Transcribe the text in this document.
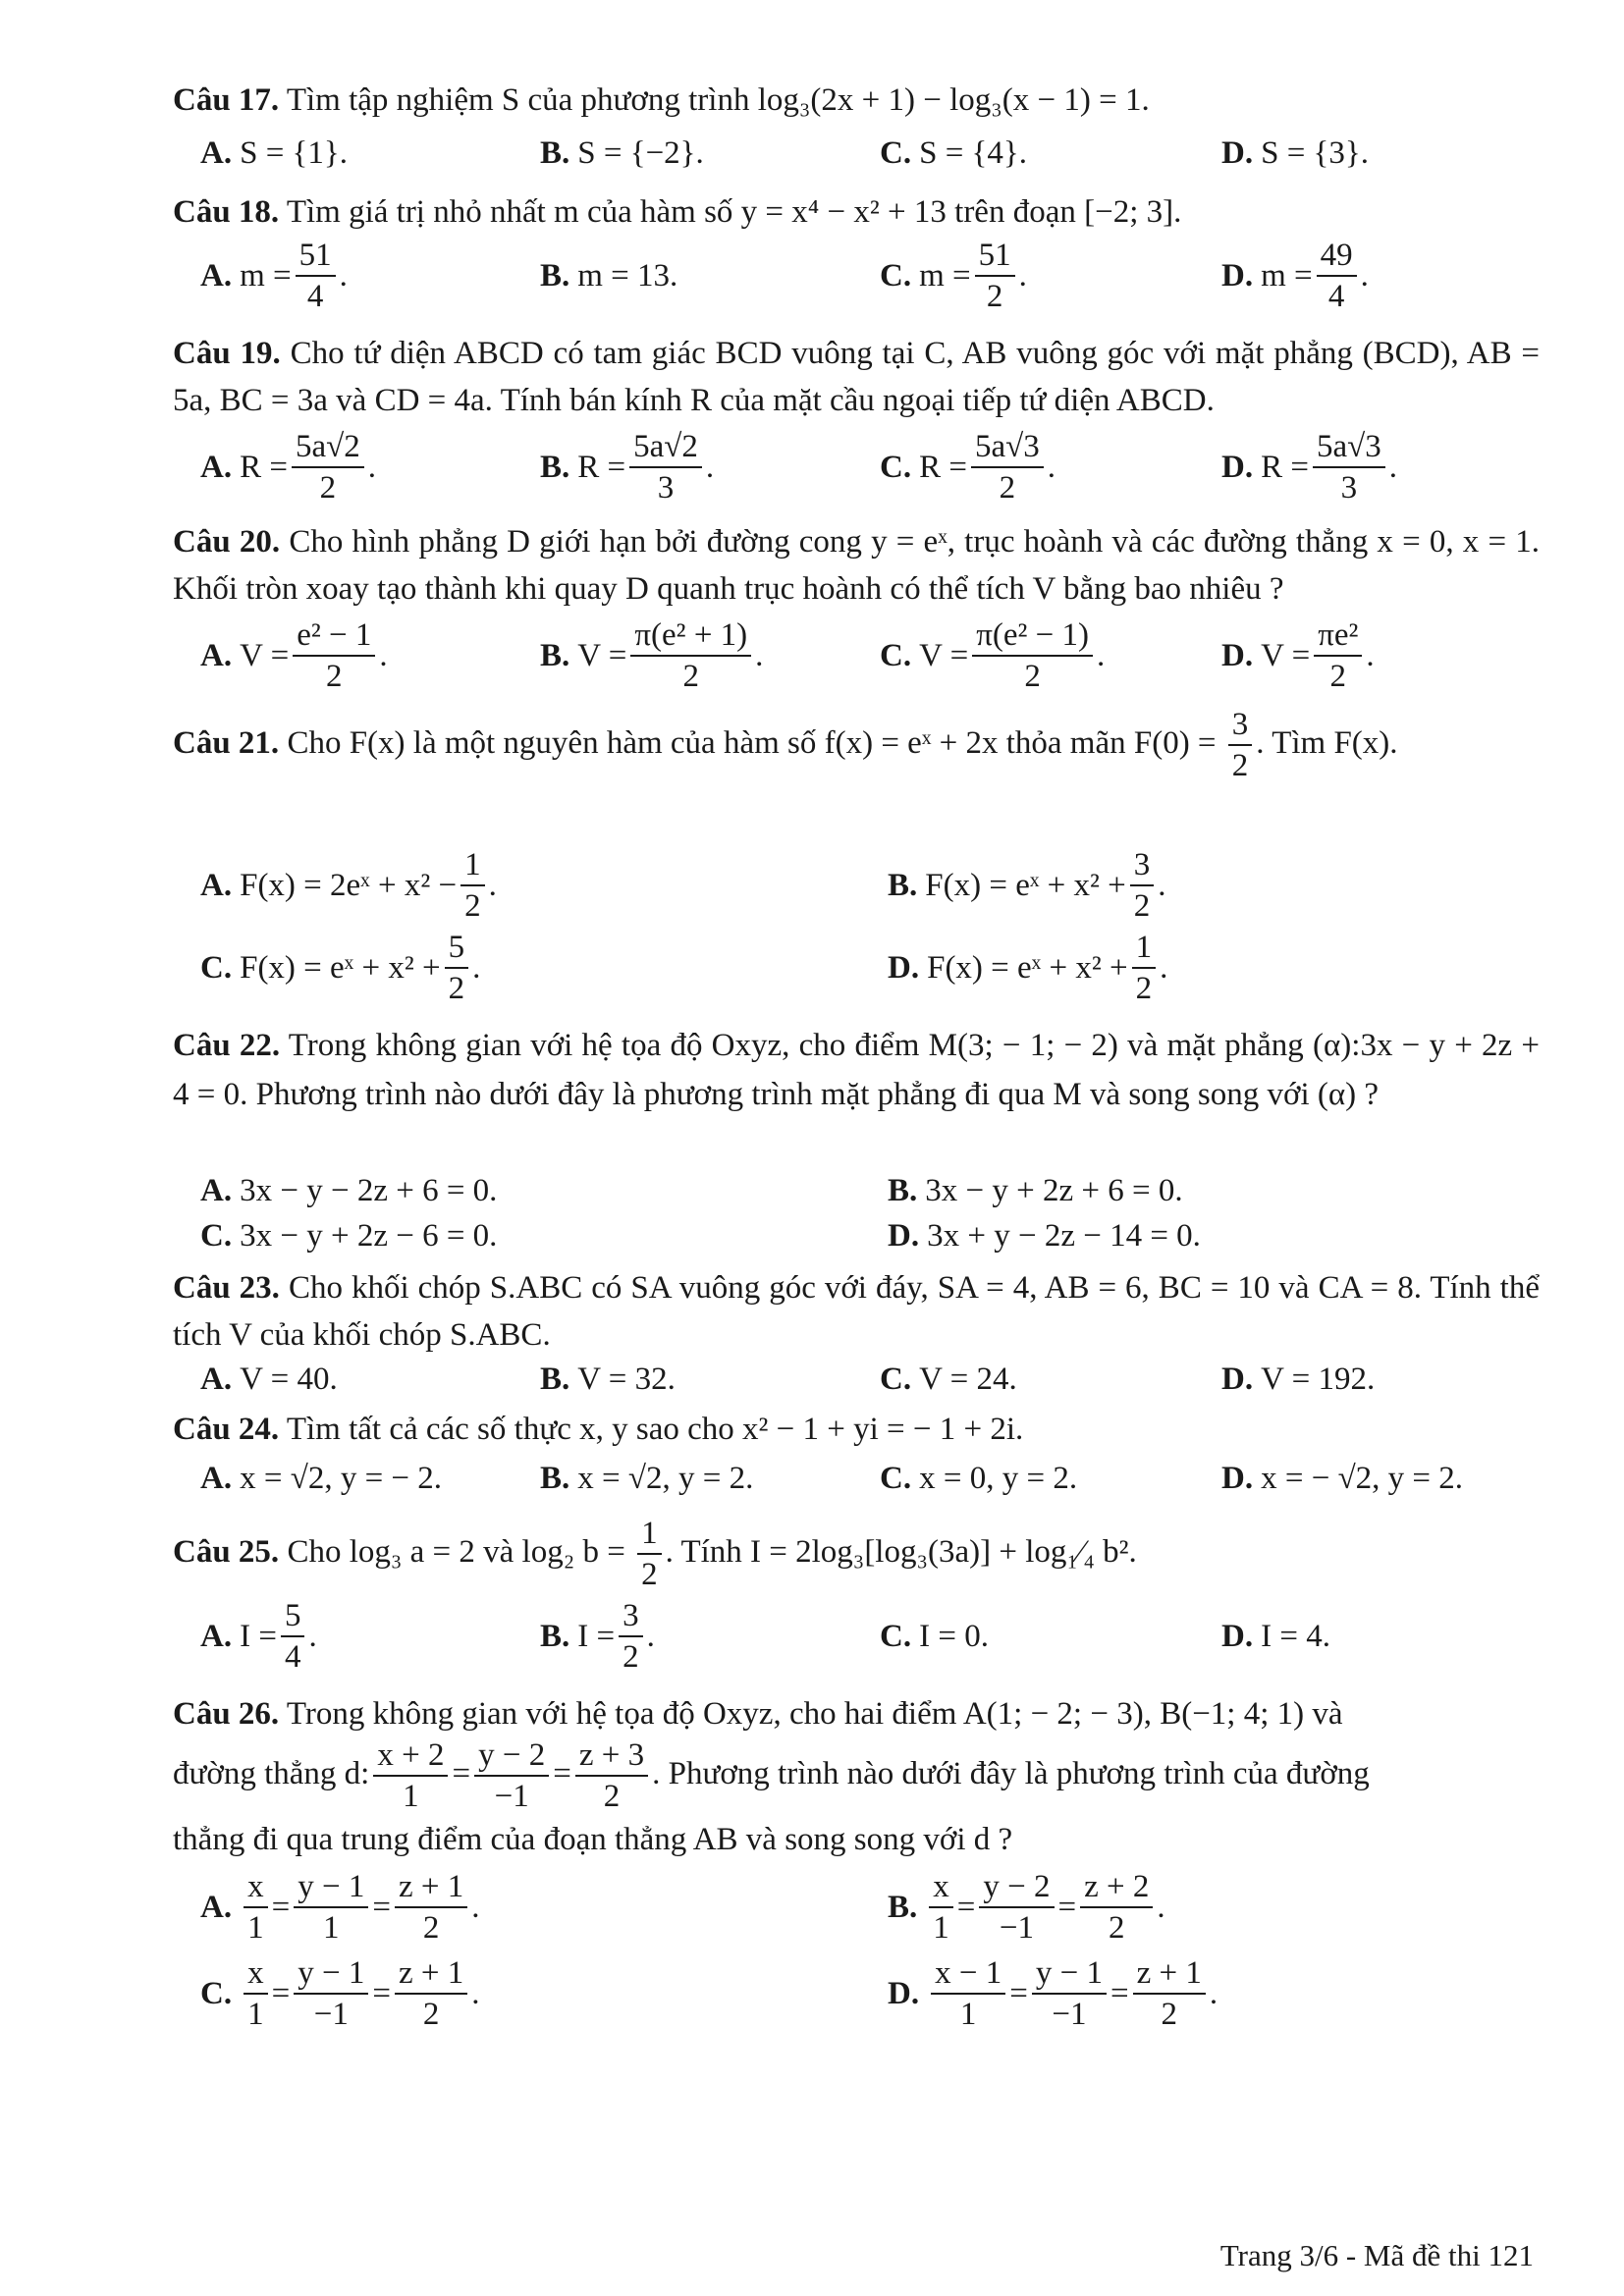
Câu 17. Tìm tập nghiệm S của phương trình log₃(2x + 1) − log₃(x − 1) = 1.
A. S = {1}.	B. S = {−2}.	C. S = {4}.	D. S = {3}.
Câu 18. Tìm giá trị nhỏ nhất m của hàm số y = x⁴ − x² + 13 trên đoạn [−2; 3].
A. $m = \frac{51}{4}$ .	B. m = 13.	C. $m = \frac{51}{2}$ .	D. $m = \frac{49}{4}$ .
Câu 19. Cho tứ diện ABCD có tam giác BCD vuông tại C, AB vuông góc với mặt phẳng (BCD), AB = 5a, BC = 3a và CD = 4a. Tính bán kính R của mặt cầu ngoại tiếp tứ diện ABCD.
A. $R = \frac{5a√2}{2}$ .	B. $R = \frac{5a√2}{3}$ .	C. $R = \frac{5a√3}{2}$ .	D. $R = \frac{5a√3}{3}$ .
Câu 20. Cho hình phẳng D giới hạn bởi đường cong y = eˣ, trục hoành và các đường thẳng x = 0, x = 1. Khối tròn xoay tạo thành khi quay D quanh trục hoành có thể tích V bằng bao nhiêu ?
A. $V = \frac{\text{e² − 1}}{2}$ .	B. $V = \frac{\text{π(e² + 1)}}{2}$ .	C. $V = \frac{\text{π(e² − 1)}}{2}$ .	D. $V = \frac{\text{πe²}}{2}$ .
Câu 21. Cho F(x) là một nguyên hàm của hàm số f(x) = eˣ + 2x thỏa mãn $F(0) = \frac{3}{2}$ . Tìm F(x).
A. F(x) = 2eˣ + $x^2 - \frac{1}{2}$ .	B. F(x) = eˣ + $x^2 + \frac{3}{2}$ .
C. F(x) = eˣ + $x^2 + \frac{5}{2}$ .	D. F(x) = eˣ + $x^2 + \frac{1}{2}$ .
Câu 22. Trong không gian với hệ tọa độ Oxyz, cho điểm M(3; − 1; − 2) và mặt phẳng (α):3x − y + 2z + 4 = 0. Phương trình nào dưới đây là phương trình mặt phẳng đi qua M và song song với (α) ?
A. 3x − y − 2z + 6 = 0.	B. 3x − y + 2z + 6 = 0.
C. 3x − y + 2z − 6 = 0.	D. 3x + y − 2z − 14 = 0.
Câu 23. Cho khối chóp S.ABC có SA vuông góc với đáy, SA = 4, AB = 6, BC = 10 và CA = 8. Tính thể tích V của khối chóp S.ABC.
A. V = 40.	B. V = 32.	C. V = 24.	D. V = 192.
Câu 24. Tìm tất cả các số thực x, y sao cho x² − 1 + yi = − 1 + 2i.
A. x = √2, y = − 2.	B. x = √2, y = 2.	C. x = 0, y = 2.	D. x = − √2, y = 2.
Câu 25. Cho log₃ a = 2 và log₂ $b = \frac{1}{2}$ . Tính I = 2log₃[log₃(3a)] + log₁⁄₄ b².
A. $I = \frac{5}{4}$ .	B. $I = \frac{3}{2}$ .	C. I = 0.	D. I = 4.
Câu 26. Trong không gian với hệ tọa độ Oxyz, cho hai điểm A(1; − 2; − 3), B(−1; 4; 1) và
đường thẳng d: $\frac{x + 2}{1} = \frac{y - 2}{-1} = \frac{z + 3}{2}$ . Phương trình nào dưới đây là phương trình của đường
thẳng đi qua trung điểm của đoạn thẳng AB và song song với d ?
A. $\frac{x}{1} = \frac{y - 1}{1} = \frac{z + 1}{2}$ .	B. $\frac{x}{1} = \frac{y - 2}{-1} = \frac{z + 2}{2}$ .
C. $\frac{x}{1} = \frac{y - 1}{-1} = \frac{z + 1}{2}$ .	D. $\frac{x - 1}{1} = \frac{y - 1}{-1} = \frac{z + 1}{2}$ .
Trang 3/6 - Mã đề thi 121
